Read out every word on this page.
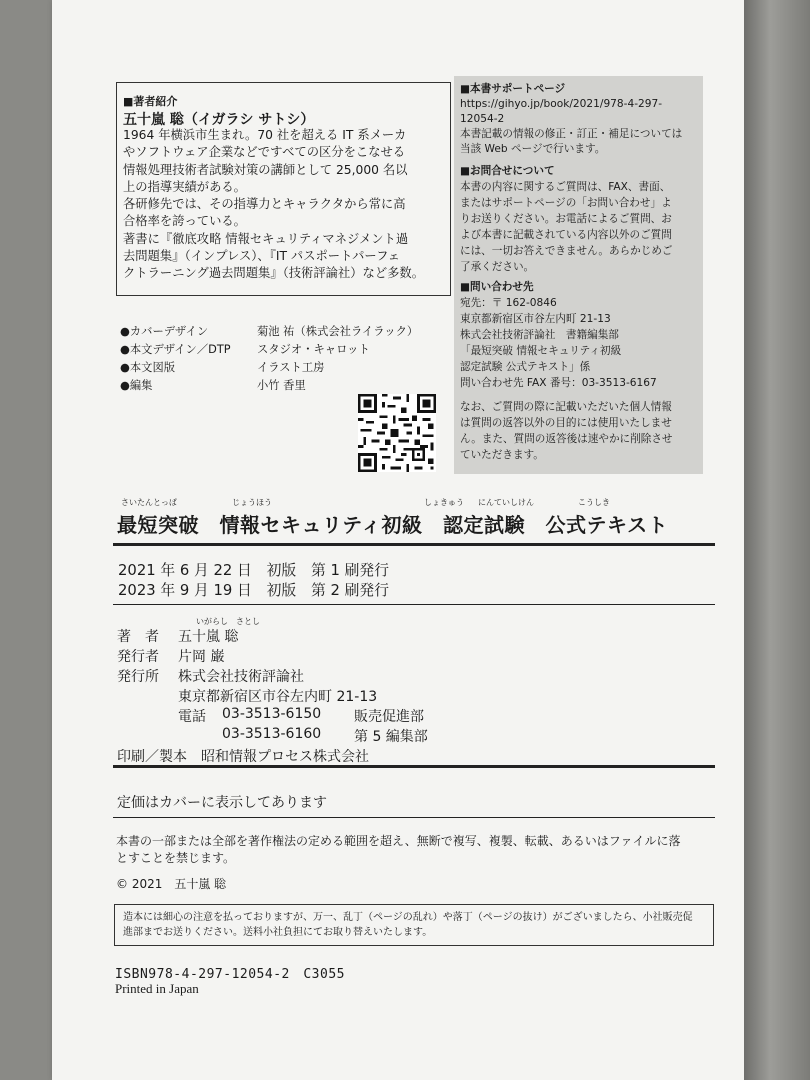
■著者紹介
五十嵐 聡（イガラシ サトシ）
1964 年横浜市生まれ。70 社を超える IT 系メーカ
やソフトウェア企業などですべての区分をこなせる
情報処理技術者試験対策の講師として 25,000 名以
上の指導実績がある。
各研修先では、その指導力とキャラクタから常に高
合格率を誇っている。
著書に『徹底攻略 情報セキュリティマネジメント過
去問題集』（インプレス）、『IT パスポートパーフェ
クトラーニング過去問題集』（技術評論社）など多数。
■本書サポートページ
https://gihyo.jp/book/2021/978-4-297-
12054-2
本書記載の情報の修正・訂正・補足については
当該 Web ページで行います。
■お問合せについて
本書の内容に関するご質問は、FAX、書面、
またはサポートページの「お問い合わせ」よ
りお送りください。お電話によるご質問、お
よび本書に記載されている内容以外のご質問
には、一切お答えできません。あらかじめご
了承ください。
■問い合わせ先
宛先：〒 162-0846
東京都新宿区市谷左内町 21-13
株式会社技術評論社　書籍編集部
「最短突破 情報セキュリティ初級
認定試験 公式テキスト」係
問い合わせ先 FAX 番号：03-3513-6167
なお、ご質問の際に記載いただいた個人情報
は質問の返答以外の目的には使用いたしませ
ん。また、質問の返答後は速やかに削除させ
ていただきます。
●カバーデザイン	菊池 祐（株式会社ライラック）
●本文デザイン／DTP	スタジオ・キャロット
●本文図版	イラスト工房
●編集	小竹 香里
さいたんとっぱ	じょうほう	しょきゅう にんていしけん	こうしき
最短突破　情報セキュリティ初級　認定試験　公式テキスト
2021 年 6 月 22 日　初版　第 1 刷発行
2023 年 9 月 19 日　初版　第 2 刷発行
いがらし　さとし
著　者 五十嵐 聡
発行者 片岡 巌
発行所 株式会社技術評論社
東京都新宿区市谷左内町 21-13
電話 03-3513-6150 販売促進部
03-3513-6160 第 5 編集部
印刷／製本　昭和情報プロセス株式会社
定価はカバーに表示してあります
本書の一部または全部を著作権法の定める範囲を超え、無断で複写、複製、転載、あるいはファイルに落
とすことを禁じます。
© 2021　五十嵐 聡
造本には細心の注意を払っておりますが、万一、乱丁（ページの乱れ）や落丁（ページの抜け）がございましたら、小社販売促
進部までお送りください。送料小社負担にてお取り替えいたします。
ISBN978-4-297-12054-2　C3055
Printed in Japan
